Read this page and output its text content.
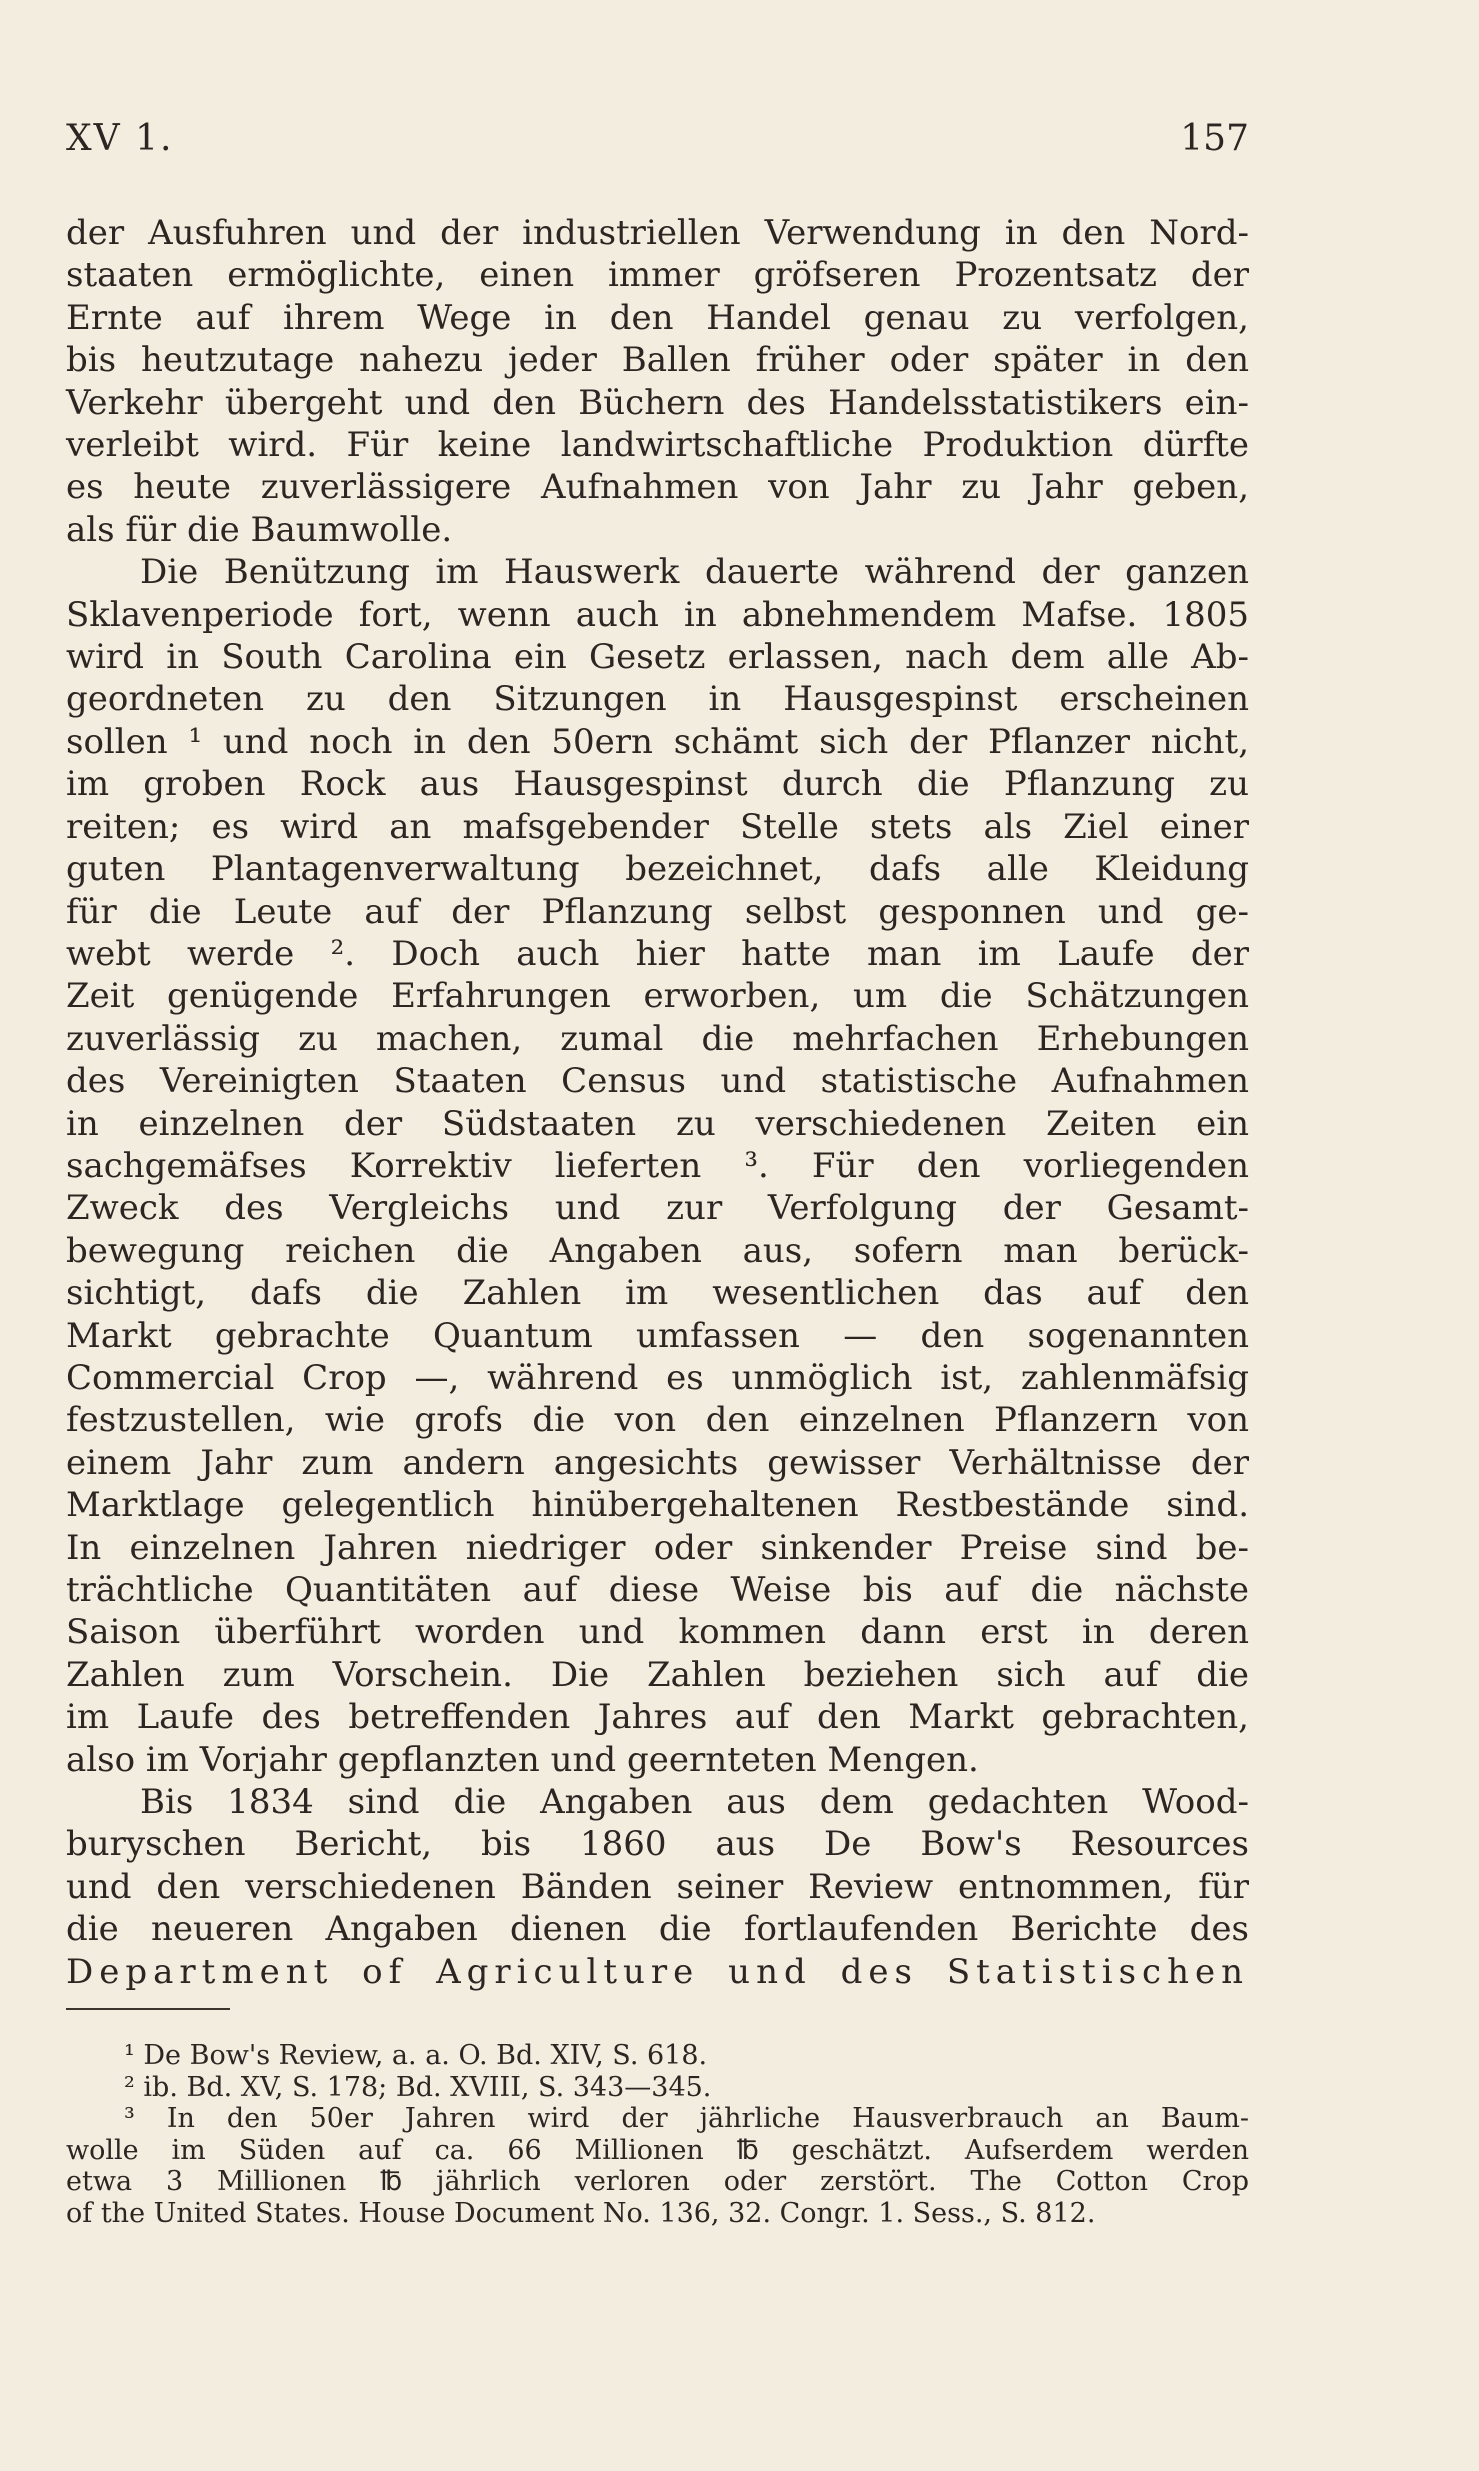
XV 1.	157
der Ausfuhren und der industriellen Verwendung in den Nord-
staaten ermöglichte, einen immer gröfseren Prozentsatz der
Ernte auf ihrem Wege in den Handel genau zu verfolgen,
bis heutzutage nahezu jeder Ballen früher oder später in den
Verkehr übergeht und den Büchern des Handelsstatistikers ein-
verleibt wird. Für keine landwirtschaftliche Produktion dürfte
es heute zuverlässigere Aufnahmen von Jahr zu Jahr geben,
als für die Baumwolle.
Die Benützung im Hauswerk dauerte während der ganzen
Sklavenperiode fort, wenn auch in abnehmendem Mafse. 1805
wird in South Carolina ein Gesetz erlassen, nach dem alle Ab-
geordneten zu den Sitzungen in Hausgespinst erscheinen
sollen ¹ und noch in den 50ern schämt sich der Pflanzer nicht,
im groben Rock aus Hausgespinst durch die Pflanzung zu
reiten; es wird an mafsgebender Stelle stets als Ziel einer
guten Plantagenverwaltung bezeichnet, dafs alle Kleidung
für die Leute auf der Pflanzung selbst gesponnen und ge-
webt werde ². Doch auch hier hatte man im Laufe der
Zeit genügende Erfahrungen erworben, um die Schätzungen
zuverlässig zu machen, zumal die mehrfachen Erhebungen
des Vereinigten Staaten Census und statistische Aufnahmen
in einzelnen der Südstaaten zu verschiedenen Zeiten ein
sachgemäfses Korrektiv lieferten ³. Für den vorliegenden
Zweck des Vergleichs und zur Verfolgung der Gesamt-
bewegung reichen die Angaben aus, sofern man berück-
sichtigt, dafs die Zahlen im wesentlichen das auf den
Markt gebrachte Quantum umfassen — den sogenannten
Commercial Crop —, während es unmöglich ist, zahlenmäfsig
festzustellen, wie grofs die von den einzelnen Pflanzern von
einem Jahr zum andern angesichts gewisser Verhältnisse der
Marktlage gelegentlich hinübergehaltenen Restbestände sind.
In einzelnen Jahren niedriger oder sinkender Preise sind be-
trächtliche Quantitäten auf diese Weise bis auf die nächste
Saison überführt worden und kommen dann erst in deren
Zahlen zum Vorschein. Die Zahlen beziehen sich auf die
im Laufe des betreffenden Jahres auf den Markt gebrachten,
also im Vorjahr gepflanzten und geernteten Mengen.
Bis 1834 sind die Angaben aus dem gedachten Wood-
buryschen Bericht, bis 1860 aus De Bow's Resources
und den verschiedenen Bänden seiner Review entnommen, für
die neueren Angaben dienen die fortlaufenden Berichte des
Department of Agriculture und des Statistischen
¹ De Bow's Review, a. a. O. Bd. XIV, S. 618.
² ib. Bd. XV, S. 178; Bd. XVIII, S. 343—345.
³ In den 50er Jahren wird der jährliche Hausverbrauch an Baum-
wolle im Süden auf ca. 66 Millionen ℔ geschätzt. Aufserdem werden
etwa 3 Millionen ℔ jährlich verloren oder zerstört. The Cotton Crop
of the United States. House Document No. 136, 32. Congr. 1. Sess., S. 812.
